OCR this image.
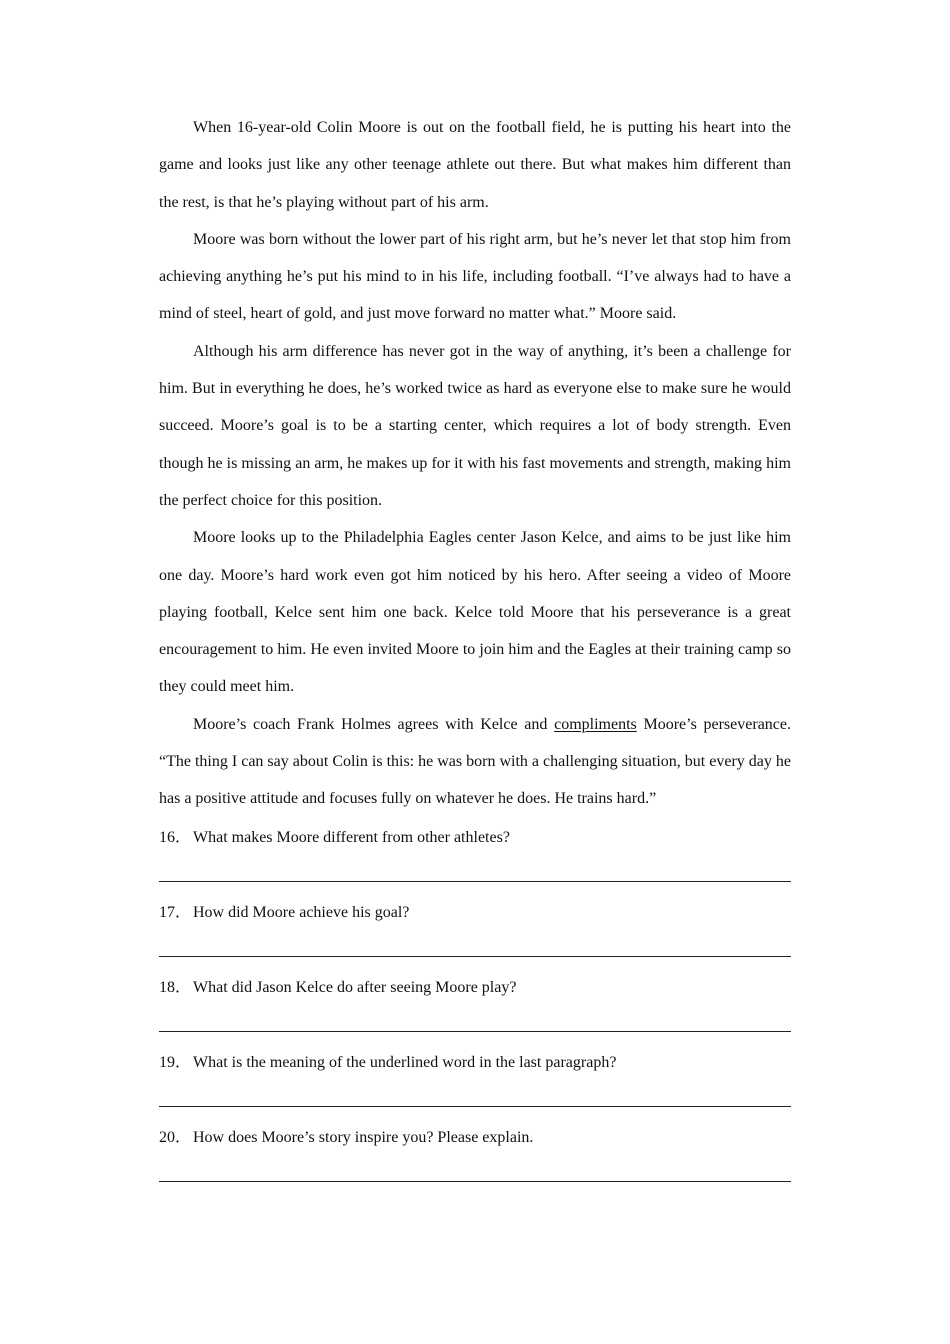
When 16-year-old Colin Moore is out on the football field, he is putting his heart into the game and looks just like any other teenage athlete out there. But what makes him different than the rest, is that he’s playing without part of his arm.

Moore was born without the lower part of his right arm, but he’s never let that stop him from achieving anything he’s put his mind to in his life, including football. “I’ve always had to have a mind of steel, heart of gold, and just move forward no matter what.” Moore said.

Although his arm difference has never got in the way of anything, it’s been a challenge for him. But in everything he does, he’s worked twice as hard as everyone else to make sure he would succeed. Moore’s goal is to be a starting center, which requires a lot of body strength. Even though he is missing an arm, he makes up for it with his fast movements and strength, making him the perfect choice for this position.

Moore looks up to the Philadelphia Eagles center Jason Kelce, and aims to be just like him one day. Moore’s hard work even got him noticed by his hero. After seeing a video of Moore playing football, Kelce sent him one back. Kelce told Moore that his perseverance is a great encouragement to him. He even invited Moore to join him and the Eagles at their training camp so they could meet him.

Moore’s coach Frank Holmes agrees with Kelce and compliments Moore’s perseverance. “The thing I can say about Colin is this: he was born with a challenging situation, but every day he has a positive attitude and focuses fully on whatever he does. He trains hard.”

16． What makes Moore different from other athletes?

17． How did Moore achieve his goal?

18． What did Jason Kelce do after seeing Moore play?

19． What is the meaning of the underlined word in the last paragraph?

20． How does Moore’s story inspire you? Please explain.
